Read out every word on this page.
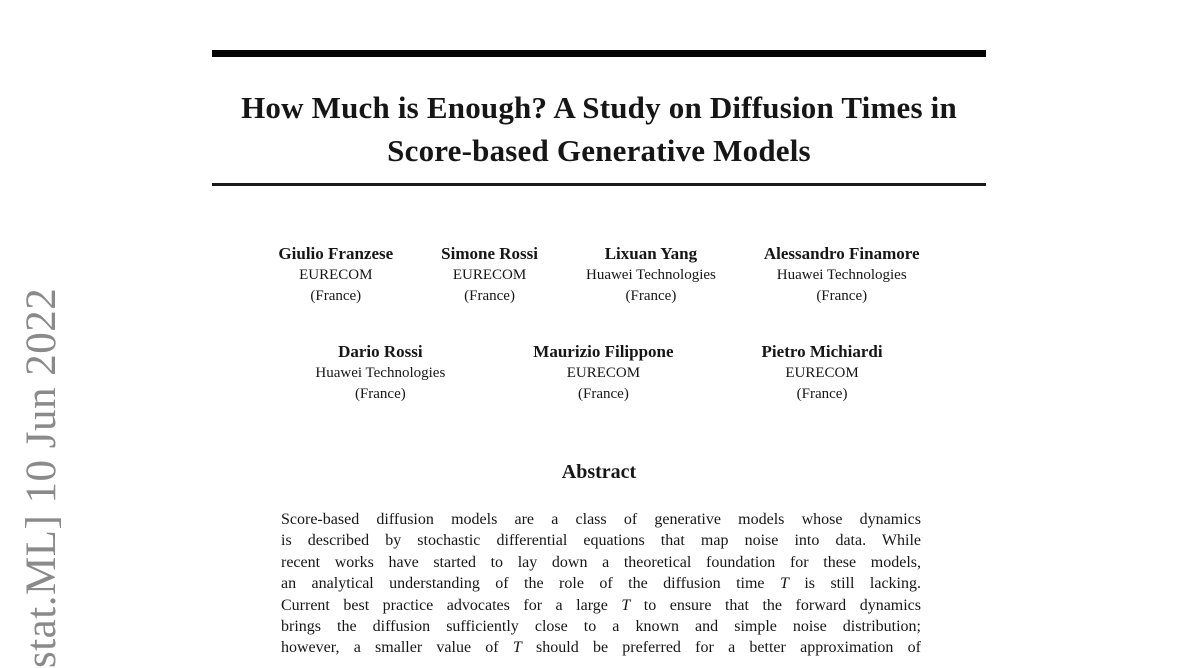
stat.ML] 10 Jun 2022
How Much is Enough? A Study on Diffusion Times in
Score-based Generative Models
Giulio Franzese
EURECOM
(France)
Simone Rossi
EURECOM
(France)
Lixuan Yang
Huawei Technologies
(France)
Alessandro Finamore
Huawei Technologies
(France)
Dario Rossi
Huawei Technologies
(France)
Maurizio Filippone
EURECOM
(France)
Pietro Michiardi
EURECOM
(France)
Abstract
Score-based diffusion models are a class of generative models whose dynamics
is described by stochastic differential equations that map noise into data. While
recent works have started to lay down a theoretical foundation for these models,
an analytical understanding of the role of the diffusion time T is still lacking.
Current best practice advocates for a large T to ensure that the forward dynamics
brings the diffusion sufficiently close to a known and simple noise distribution;
however, a smaller value of T should be preferred for a better approximation of
